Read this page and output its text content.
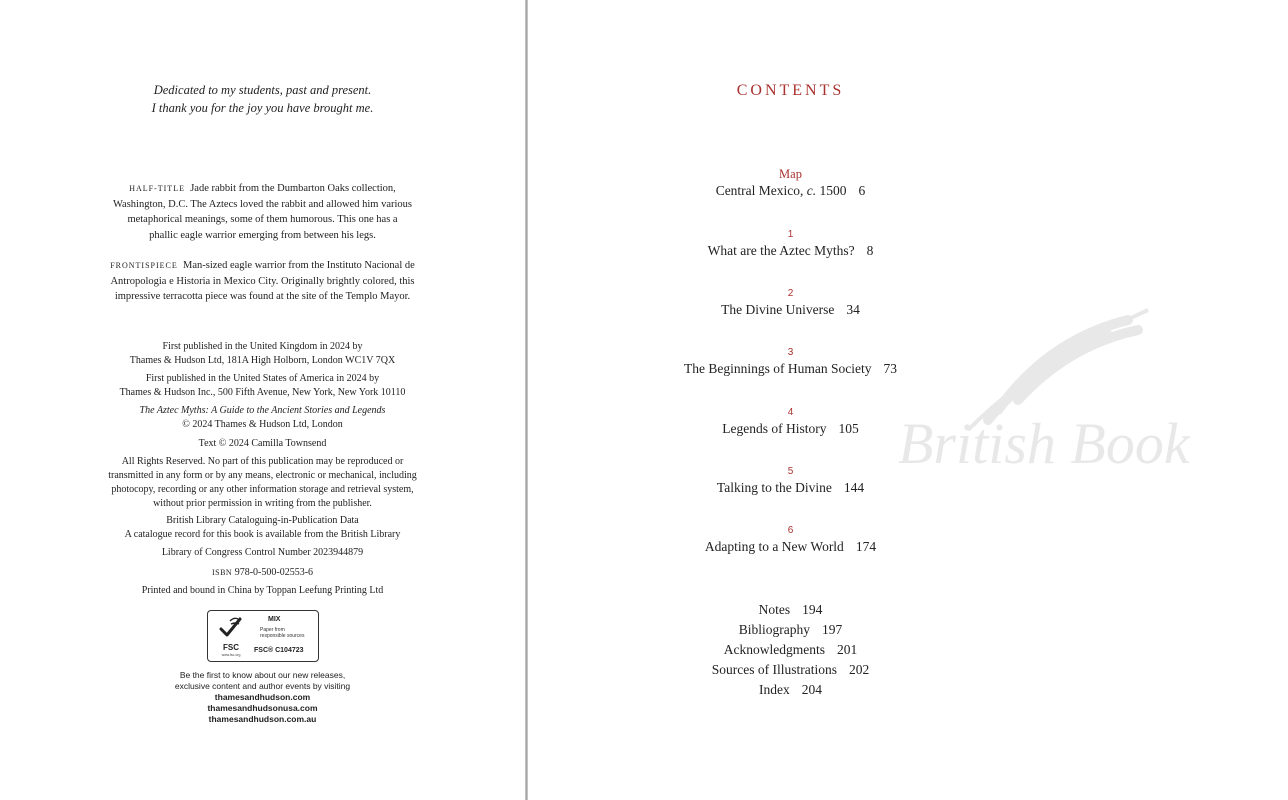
Dedicated to my students, past and present.
I thank you for the joy you have brought me.
HALF-TITLE Jade rabbit from the Dumbarton Oaks collection,
Washington, D.C. The Aztecs loved the rabbit and allowed him various
metaphorical meanings, some of them humorous. This one has a
phallic eagle warrior emerging from between his legs.
FRONTISPIECE Man-sized eagle warrior from the Instituto Nacional de
Antropologia e Historia in Mexico City. Originally brightly colored, this
impressive terracotta piece was found at the site of the Templo Mayor.
First published in the United Kingdom in 2024 by
Thames & Hudson Ltd, 181A High Holborn, London WC1V 7QX
First published in the United States of America in 2024 by
Thames & Hudson Inc., 500 Fifth Avenue, New York, New York 10110
The Aztec Myths: A Guide to the Ancient Stories and Legends
© 2024 Thames & Hudson Ltd, London
Text © 2024 Camilla Townsend
All Rights Reserved. No part of this publication may be reproduced or
transmitted in any form or by any means, electronic or mechanical, including
photocopy, recording or any other information storage and retrieval system,
without prior permission in writing from the publisher.
British Library Cataloguing-in-Publication Data
A catalogue record for this book is available from the British Library
Library of Congress Control Number 2023944879
ISBN 978-0-500-02553-6
Printed and bound in China by Toppan Leefung Printing Ltd
FSC
www.fsc.org
MIX
Paper from responsible sources
FSC® C104723
Be the first to know about our new releases,
exclusive content and author events by visiting
thamesandhudson.com
thamesandhudsonusa.com
thamesandhudson.com.au
British Book
CONTENTS
Map
Central Mexico, c. 1500 6
1
What are the Aztec Myths? 8
2
The Divine Universe 34
3
The Beginnings of Human Society 73
4
Legends of History 105
5
Talking to the Divine 144
6
Adapting to a New World 174
Notes 194
Bibliography 197
Acknowledgments 201
Sources of Illustrations 202
Index 204
